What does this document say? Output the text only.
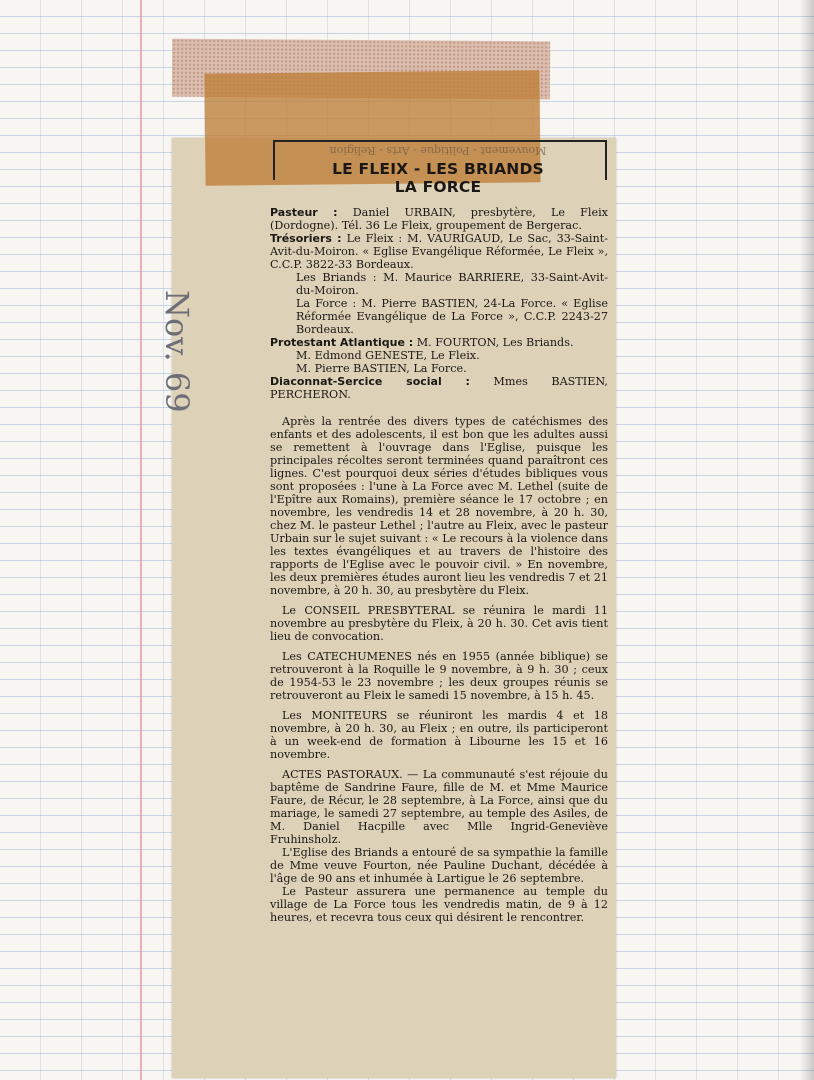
Mouvement - Politique - Arts - Religion
LE FLEIX - LES BRIANDS
LA FORCE

Pasteur : Daniel URBAIN, presbytère, Le Fleix (Dordogne). Tél. 36 Le Fleix, groupement de Bergerac.

Trésoriers : Le Fleix : M. VAURIGAUD, Le Sac, 33-Saint-Avit-du-Moiron. « Eglise Evangélique Réformée, Le Fleix », C.C.P. 3822-33 Bordeaux.

Les Briands : M. Maurice BARRIERE, 33-Saint-Avit-du-Moiron.

La Force : M. Pierre BASTIEN, 24-La Force. « Eglise Réformée Evangélique de La Force », C.C.P. 2243-27 Bordeaux.

Protestant Atlantique : M. FOURTON, Les Briands.

M. Edmond GENESTE, Le Fleix.

M. Pierre BASTIEN, La Force.

Diaconnat-Sercice social : Mmes BASTIEN, PERCHERON.

Après la rentrée des divers types de catéchismes des enfants et des adolescents, il est bon que les adultes aussi se remettent à l'ouvrage dans l'Eglise, puisque les principales récoltes seront terminées quand paraîtront ces lignes. C'est pourquoi deux séries d'études bibliques vous sont proposées : l'une à La Force avec M. Lethel (suite de l'Epître aux Romains), première séance le 17 octobre ; en novembre, les vendredis 14 et 28 novembre, à 20 h. 30, chez M. le pasteur Lethel ; l'autre au Fleix, avec le pasteur Urbain sur le sujet suivant : « Le recours à la violence dans les textes évangéliques et au travers de l'histoire des rapports de l'Eglise avec le pouvoir civil. » En novembre, les deux premières études auront lieu les vendredis 7 et 21 novembre, à 20 h. 30, au presbytère du Fleix.

Le CONSEIL PRESBYTERAL se réunira le mardi 11 novembre au presbytère du Fleix, à 20 h. 30. Cet avis tient lieu de convocation.

Les CATECHUMENES nés en 1955 (année biblique) se retrouveront à la Roquille le 9 novembre, à 9 h. 30 ; ceux de 1954-53 le 23 novembre ; les deux groupes réunis se retrouveront au Fleix le samedi 15 novembre, à 15 h. 45.

Les MONITEURS se réuniront les mardis 4 et 18 novembre, à 20 h. 30, au Fleix ; en outre, ils participeront à un week-end de formation à Libourne les 15 et 16 novembre.

ACTES PASTORAUX. — La communauté s'est réjouie du baptême de Sandrine Faure, fille de M. et Mme Maurice Faure, de Récur, le 28 septembre, à La Force, ainsi que du mariage, le samedi 27 septembre, au temple des Asiles, de M. Daniel Hacpille avec Mlle Ingrid-Geneviève Fruhinsholz.

L'Eglise des Briands a entouré de sa sympathie la famille de Mme veuve Fourton, née Pauline Duchant, décédée à l'âge de 90 ans et inhumée à Lartigue le 26 septembre.

Le Pasteur assurera une permanence au temple du village de La Force tous les vendredis matin, de 9 à 12 heures, et recevra tous ceux qui désirent le rencontrer.

Nov. 69
